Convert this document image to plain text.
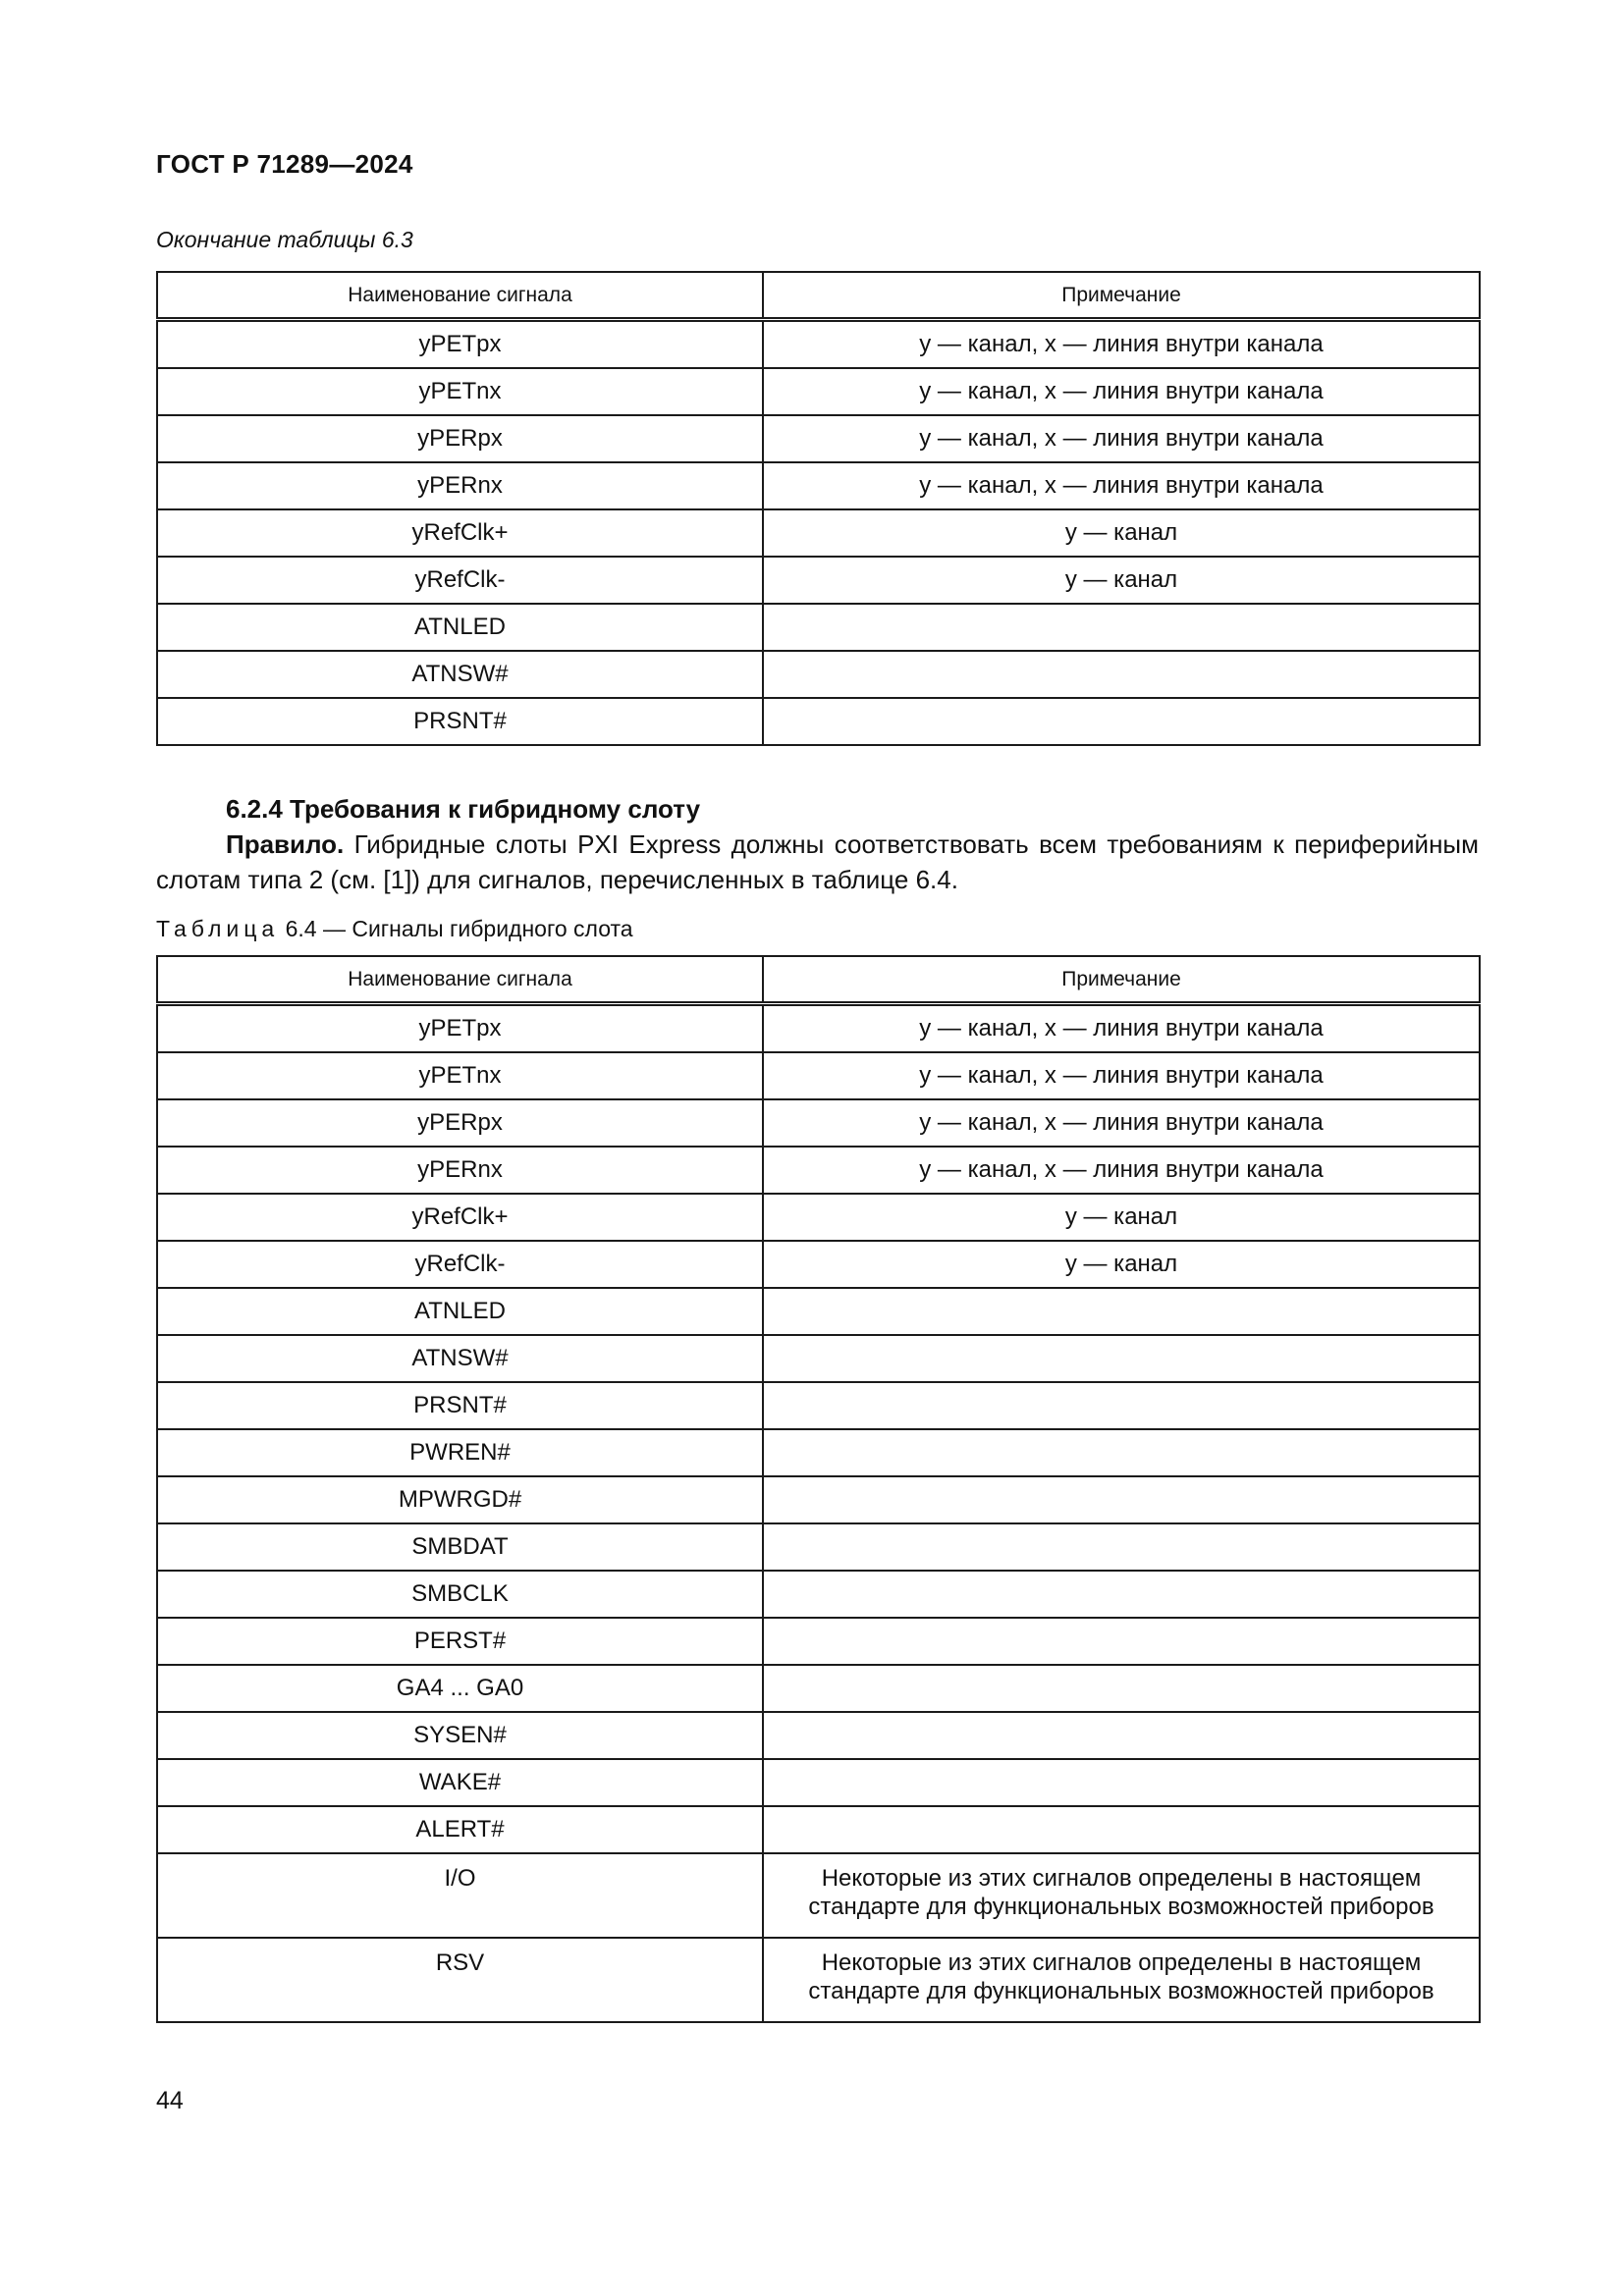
ГОСТ Р 71289—2024
Окончание таблицы 6.3
Наименование сигнала	Примечание
yPETpx	y — канал, x — линия внутри канала
yPETnx	y — канал, x — линия внутри канала
yPERpx	y — канал, x — линия внутри канала
yPERnx	y — канал, x — линия внутри канала
yRefClk+	y — канал
yRefClk-	y — канал
ATNLED	
ATNSW#	
PRSNT#	
6.2.4 Требования к гибридному слоту
Правило. Гибридные слоты PXI Express должны соответствовать всем требованиям к периферийным слотам типа 2 (см. [1]) для сигналов, перечисленных в таблице 6.4.
Таблица 6.4 — Сигналы гибридного слота
Наименование сигнала	Примечание
yPETpx	y — канал, x — линия внутри канала
yPETnx	y — канал, x — линия внутри канала
yPERpx	y — канал, x — линия внутри канала
yPERnx	y — канал, x — линия внутри канала
yRefClk+	y — канал
yRefClk-	y — канал
ATNLED	
ATNSW#	
PRSNT#	
PWREN#	
MPWRGD#	
SMBDAT	
SMBCLK	
PERST#	
GA4 ... GA0	
SYSEN#	
WAKE#	
ALERT#	
I/O	Некоторые из этих сигналов определены в настоящем стандарте для функциональных возможностей приборов
RSV	Некоторые из этих сигналов определены в настоящем стандарте для функциональных возможностей приборов
44
